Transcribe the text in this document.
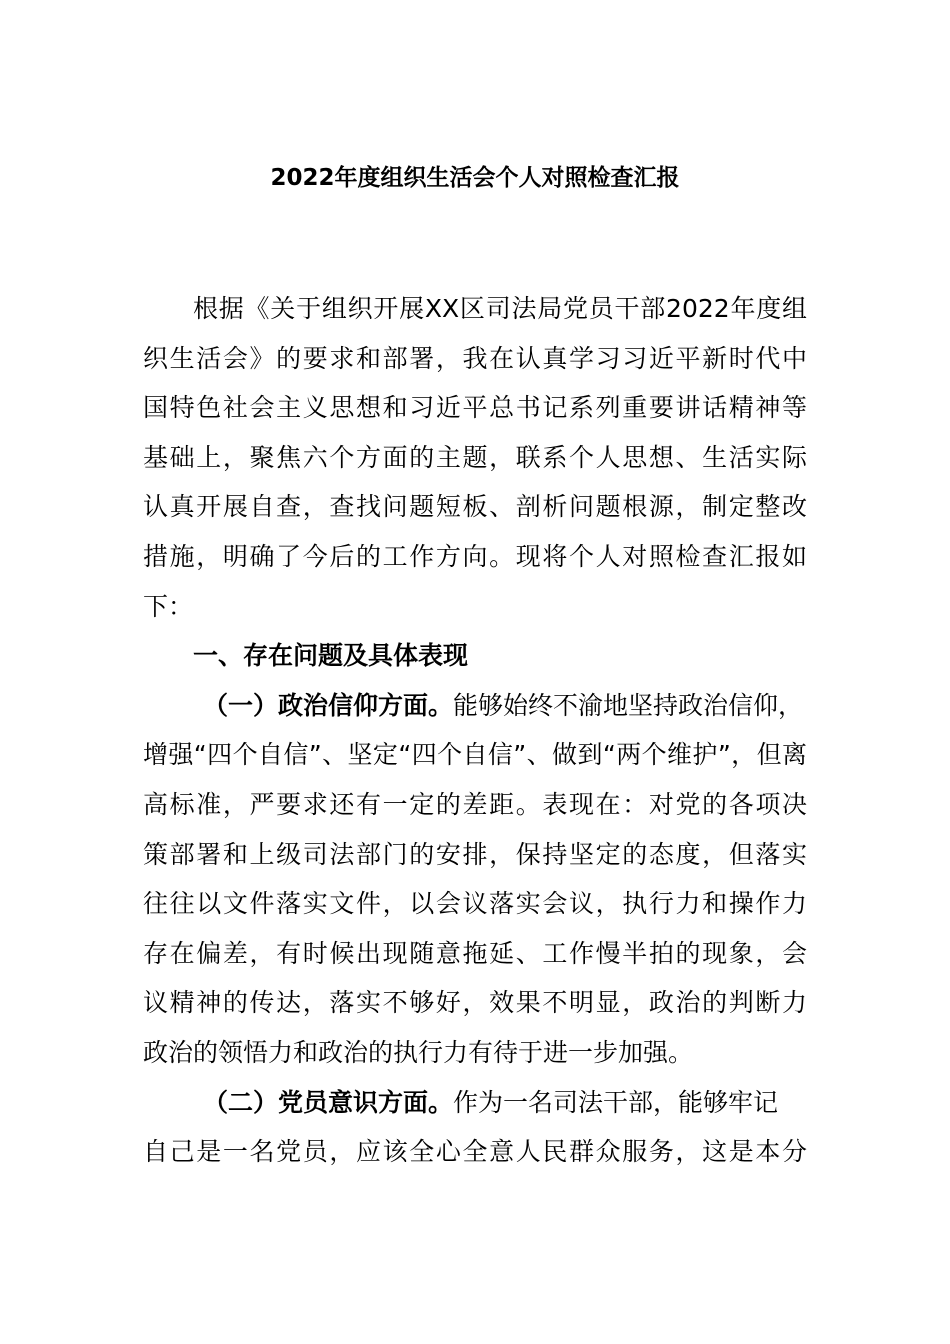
2022年度组织生活会个人对照检查汇报
根据《关于组织开展XX区司法局党员干部2022年度组
织生活会》的要求和部署，我在认真学习习近平新时代中
国特色社会主义思想和习近平总书记系列重要讲话精神等
基础上，聚焦六个方面的主题，联系个人思想、生活实际
认真开展自查，查找问题短板、剖析问题根源，制定整改
措施，明确了今后的工作方向。现将个人对照检查汇报如
下：
一、存在问题及具体表现
（一）政治信仰方面。能够始终不渝地坚持政治信仰，
增强“四个自信”、坚定“四个自信”、做到“两个维护”，但离
高标准，严要求还有一定的差距。表现在：对党的各项决
策部署和上级司法部门的安排，保持坚定的态度，但落实
往往以文件落实文件，以会议落实会议，执行力和操作力
存在偏差，有时候出现随意拖延、工作慢半拍的现象，会
议精神的传达，落实不够好，效果不明显，政治的判断力
政治的领悟力和政治的执行力有待于进一步加强。
（二）党员意识方面。作为一名司法干部，能够牢记
自己是一名党员，应该全心全意人民群众服务，这是本分
